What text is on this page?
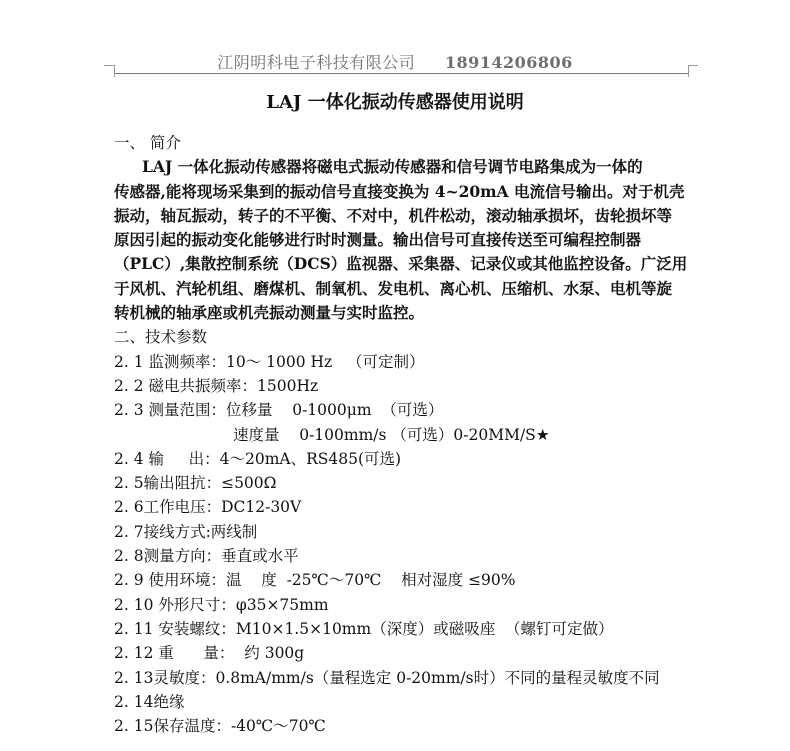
江阴明科电子科技有限公司 18914206806
LAJ 一体化振动传感器使用说明
一、 简介
LAJ 一体化振动传感器将磁电式振动传感器和信号调节电路集成为一体的
传感器,能将现场采集到的振动信号直接变换为 4~20mA 电流信号输出。对于机壳
振动，轴瓦振动，转子的不平衡、不对中，机件松动，滚动轴承损坏，齿轮损坏等
原因引起的振动变化能够进行时时测量。输出信号可直接传送至可编程控制器
（PLC）,集散控制系统（DCS）监视器、采集器、记录仪或其他监控设备。广泛用
于风机、汽轮机组、磨煤机、制氧机、发电机、离心机、压缩机、水泵、电机等旋
转机械的轴承座或机壳振动测量与实时监控。
二、技术参数
2. 1 监测频率：10～ 1000 Hz   （可定制）
2. 2 磁电共振频率：1500Hz
2. 3 测量范围：位移量    0-1000μm  （可选）
速度量    0-100mm/s （可选）0-20MM/S★
2. 4 输     出：4～20mA、RS485(可选)
2. 5输出阻抗：≤500Ω
2. 6工作电压：DC12-30V
2. 7接线方式:两线制
2. 8测量方向：垂直或水平
2. 9 使用环境：温    度  -25℃～70℃    相对湿度 ≤90%
2. 10 外形尺寸：φ35×75mm
2. 11 安装螺纹：M10×1.5×10mm（深度）或磁吸座  （螺钉可定做）
2. 12 重      量：  约 300g
2. 13灵敏度：0.8mA/mm/s（量程选定 0-20mm/s时）不同的量程灵敏度不同
2. 14绝缘
2. 15保存温度：-40℃～70℃
